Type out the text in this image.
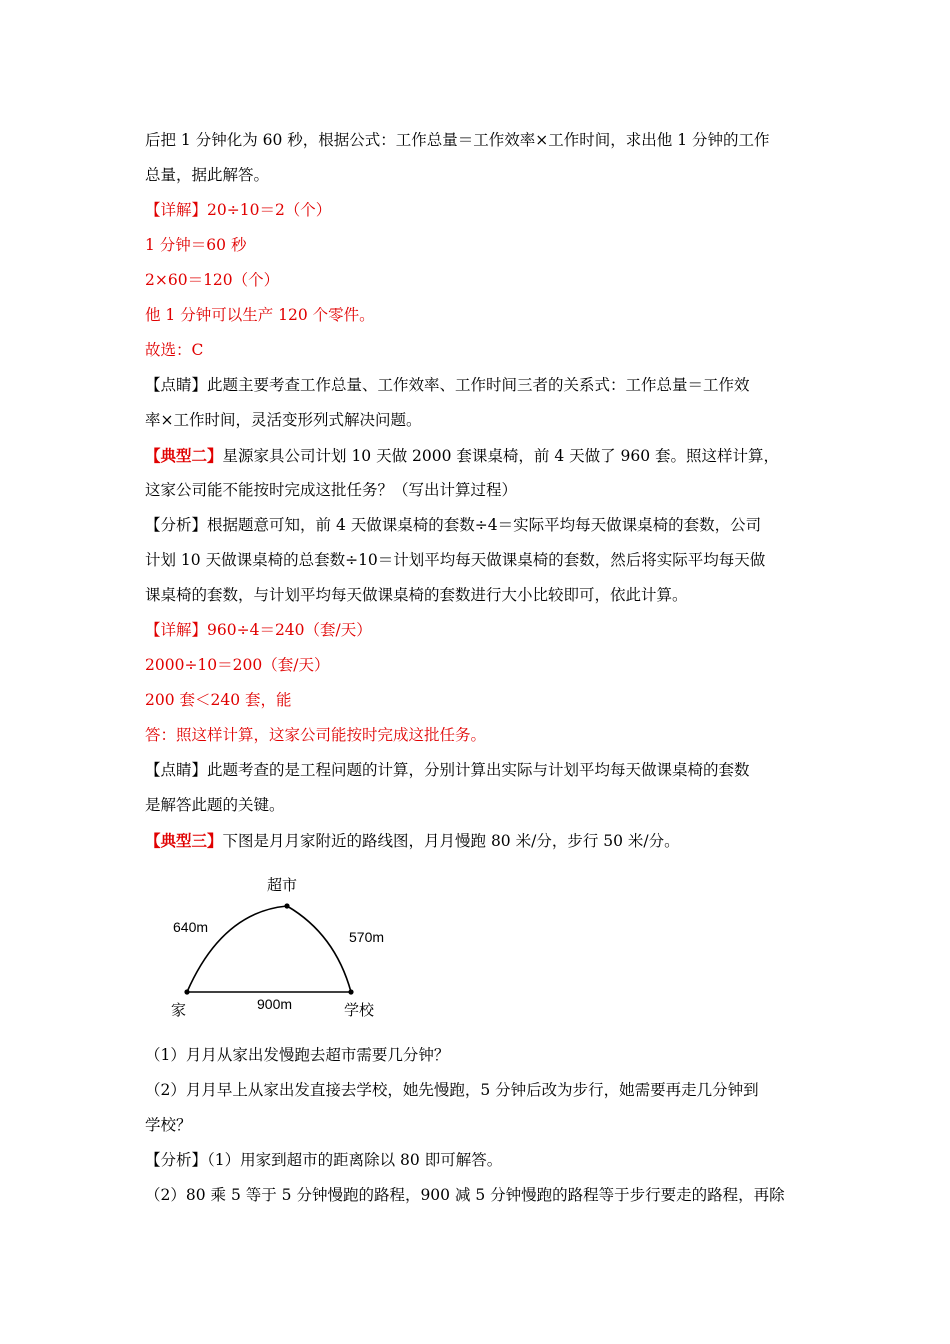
后把 1 分钟化为 60 秒，根据公式：工作总量＝工作效率×工作时间，求出他 1 分钟的工作
总量，据此解答。
【详解】20÷10＝2（个）
1 分钟＝60 秒
2×60＝120（个）
他 1 分钟可以生产 120 个零件。
故选：C
【点睛】此题主要考查工作总量、工作效率、工作时间三者的关系式：工作总量＝工作效
率×工作时间，灵活变形列式解决问题。
【典型二】星源家具公司计划 10 天做 2000 套课桌椅，前 4 天做了 960 套。照这样计算，
这家公司能不能按时完成这批任务？（写出计算过程）
【分析】根据题意可知，前 4 天做课桌椅的套数÷4＝实际平均每天做课桌椅的套数，公司
计划 10 天做课桌椅的总套数÷10＝计划平均每天做课桌椅的套数，然后将实际平均每天做
课桌椅的套数，与计划平均每天做课桌椅的套数进行大小比较即可，依此计算。
【详解】960÷4＝240（套/天）
2000÷10＝200（套/天）
200 套＜240 套，能
答：照这样计算，这家公司能按时完成这批任务。
【点睛】此题考查的是工程问题的计算，分别计算出实际与计划平均每天做课桌椅的套数
是解答此题的关键。
【典型三】下图是月月家附近的路线图，月月慢跑 80 米/分，步行 50 米/分。
超市
家	学校
640m
570m
900m
（1）月月从家出发慢跑去超市需要几分钟？
（2）月月早上从家出发直接去学校，她先慢跑，5 分钟后改为步行，她需要再走几分钟到
学校？
【分析】（1）用家到超市的距离除以 80 即可解答。
（2）80 乘 5 等于 5 分钟慢跑的路程，900 减 5 分钟慢跑的路程等于步行要走的路程，再除
